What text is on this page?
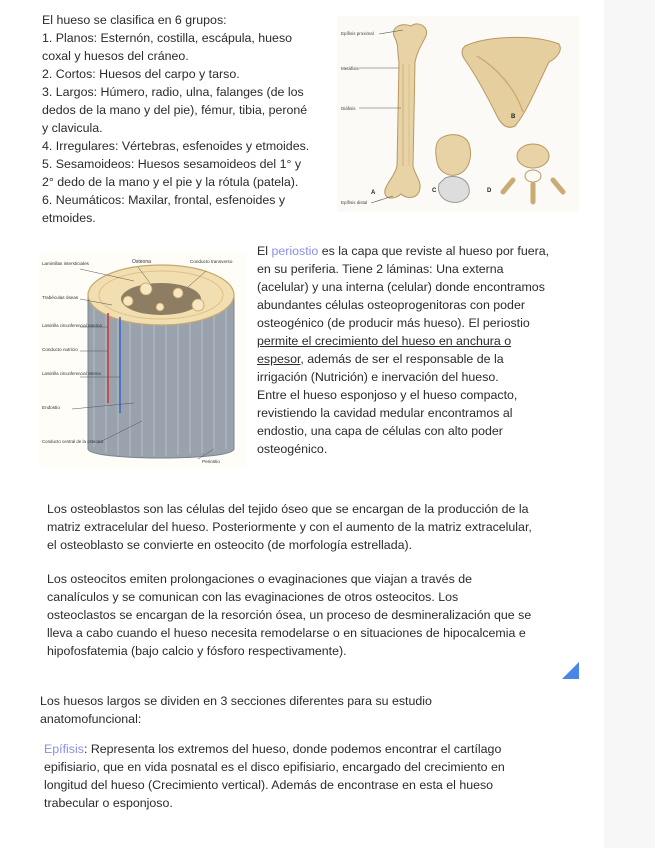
El hueso se clasifica en 6 grupos:
1. Planos: Esternón, costilla, escápula, hueso
coxal y huesos del cráneo.
2. Cortos: Huesos del carpo y tarso.
3. Largos: Húmero, radio, ulna, falanges (de los
dedos de la mano y del pie), fémur, tibia, peroné
y clavicula.
4. Irregulares: Vértebras, esfenoides y etmoides.
5. Sesamoideos: Huesos sesamoideos del 1° y
2° dedo de la mano y el pie y la rótula (patela).
6. Neumáticos: Maxilar, frontal, esfenoides y
etmoides.
Epífisis proximal
Metáfisis
Diáfisis
Epífisis distal
A
B
C	D
Laminillas intersticiales	Osteona	Conducto transverso
Trabéculas óseas
Laminilla circunferencial externa
Conducto nutricio
Laminilla circunferencial interna
Endostio
Conducto central de la osteona
Periostio
El periostio es la capa que reviste al hueso por fuera,
en su periferia. Tiene 2 láminas: Una externa
(acelular) y una interna (celular) donde encontramos
abundantes células osteoprogenitoras con poder
osteogénico (de producir más hueso). El periostio
permite el crecimiento del hueso en anchura o
espesor, además de ser el responsable de la
irrigación (Nutrición) e inervación del hueso.
Entre el hueso esponjoso y el hueso compacto,
revistiendo la cavidad medular encontramos al
endostio, una capa de células con alto poder
osteogénico.
Los osteoblastos son las células del tejido óseo que se encargan de la producción de la
matriz extracelular del hueso. Posteriormente y con el aumento de la matriz extracelular,
el osteoblasto se convierte en osteocito (de morfología estrellada).
Los osteocitos emiten prolongaciones o evaginaciones que viajan a través de
canalículos y se comunican con las evaginaciones de otros osteocitos. Los
osteoclastos se encargan de la resorción ósea, un proceso de desmineralización que se
lleva a cabo cuando el hueso necesita remodelarse o en situaciones de hipocalcemia e
hipofosfatemia (bajo calcio y fósforo respectivamente).
Los huesos largos se dividen en 3 secciones diferentes para su estudio
anatomofuncional:
Epífisis: Representa los extremos del hueso, donde podemos encontrar el cartílago
epifisiario, que en vida posnatal es el disco epifisiario, encargado del crecimiento en
longitud del hueso (Crecimiento vertical). Además de encontrase en esta el hueso
trabecular o esponjoso.
